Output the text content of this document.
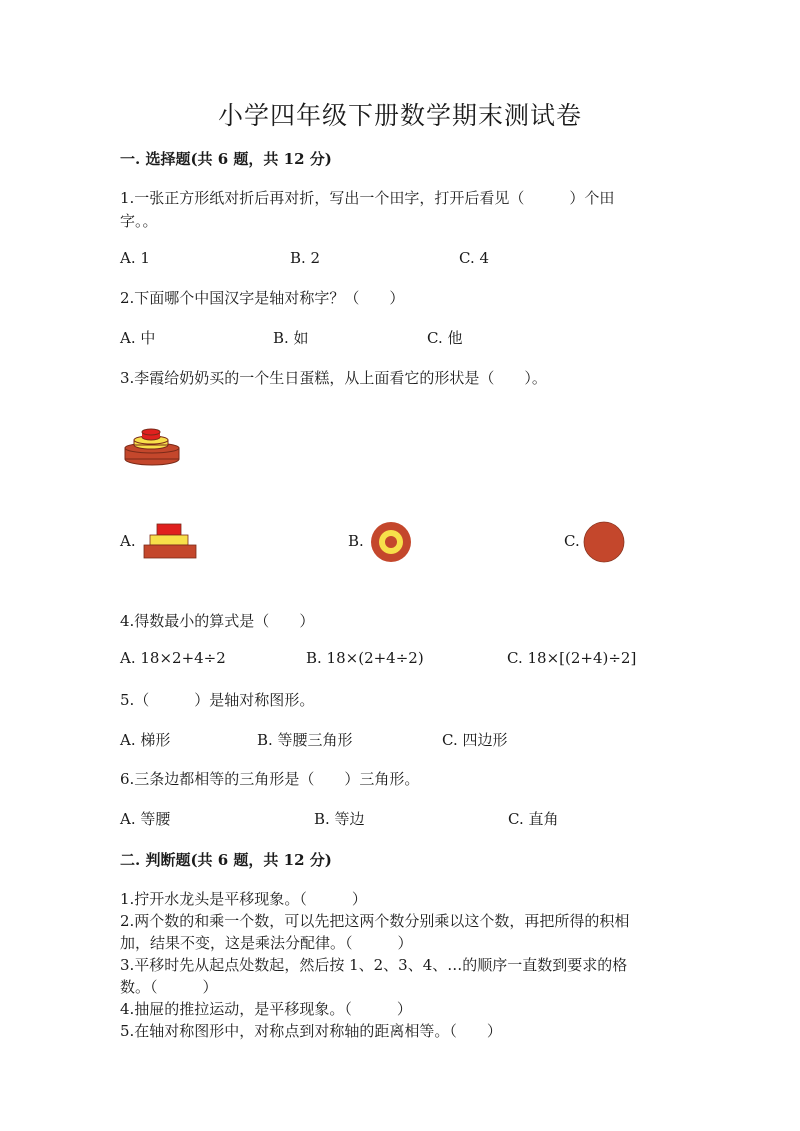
小学四年级下册数学期末测试卷
一. 选择题(共 6 题，共 12 分)
1.一张正方形纸对折后再对折，写出一个田字，打开后看见（　　　）个田
字。。
A. 1	B. 2	C. 4
2.下面哪个中国汉字是轴对称字？（　　）
A. 中	B. 如	C. 他
3.李霞给奶奶买的一个生日蛋糕，从上面看它的形状是（　　）。
A.	B.	C.
4.得数最小的算式是（　　）
A. 18×2+4÷2	B. 18×(2+4÷2)	C. 18×[(2+4)÷2]
5.（　　　）是轴对称图形。
A. 梯形	B. 等腰三角形	C. 四边形
6.三条边都相等的三角形是（　　）三角形。
A. 等腰	B. 等边	C. 直角
二. 判断题(共 6 题，共 12 分)
1.拧开水龙头是平移现象。（　　　）
2.两个数的和乘一个数，可以先把这两个数分别乘以这个数，再把所得的积相
加，结果不变，这是乘法分配律。（　　　）
3.平移时先从起点处数起，然后按 1、2、3、4、…的顺序一直数到要求的格
数。（　　　）
4.抽屉的推拉运动，是平移现象。（　　　）
5.在轴对称图形中，对称点到对称轴的距离相等。（　　）
